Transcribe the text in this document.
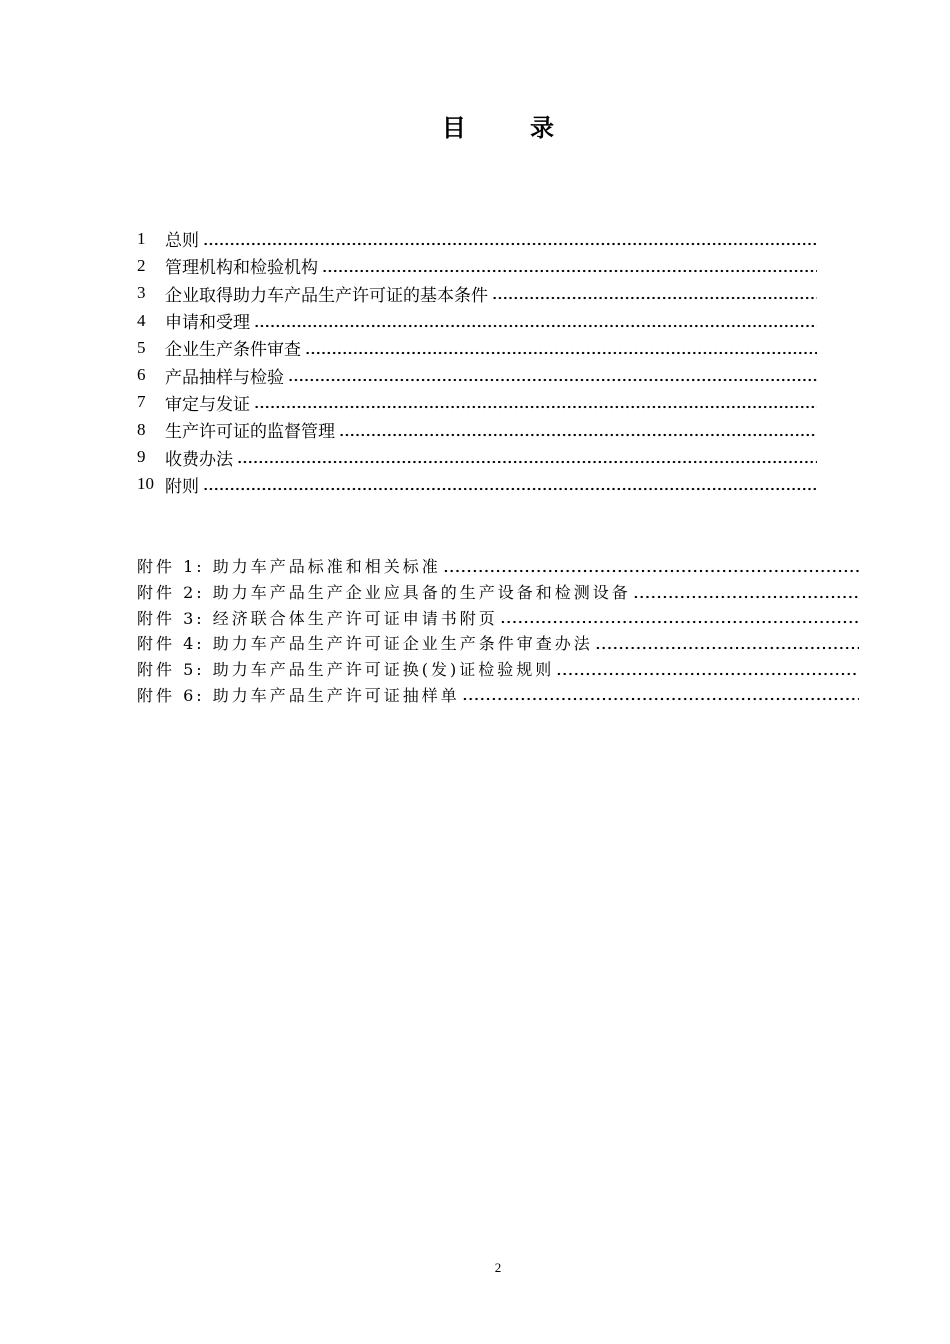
目      录
1	总则
2	管理机构和检验机构
3	企业取得助力车产品生产许可证的基本条件
4	申请和受理
5	企业生产条件审查
6	产品抽样与检验
7	审定与发证
8	生产许可证的监督管理
9	收费办法
10 附则
附件 1: 助力车产品标准和相关标准
附件 2: 助力车产品生产企业应具备的生产设备和检测设备
附件 3: 经济联合体生产许可证申请书附页
附件 4: 助力车产品生产许可证企业生产条件审查办法
附件 5: 助力车产品生产许可证换(发)证检验规则
附件 6: 助力车产品生产许可证抽样单
2
